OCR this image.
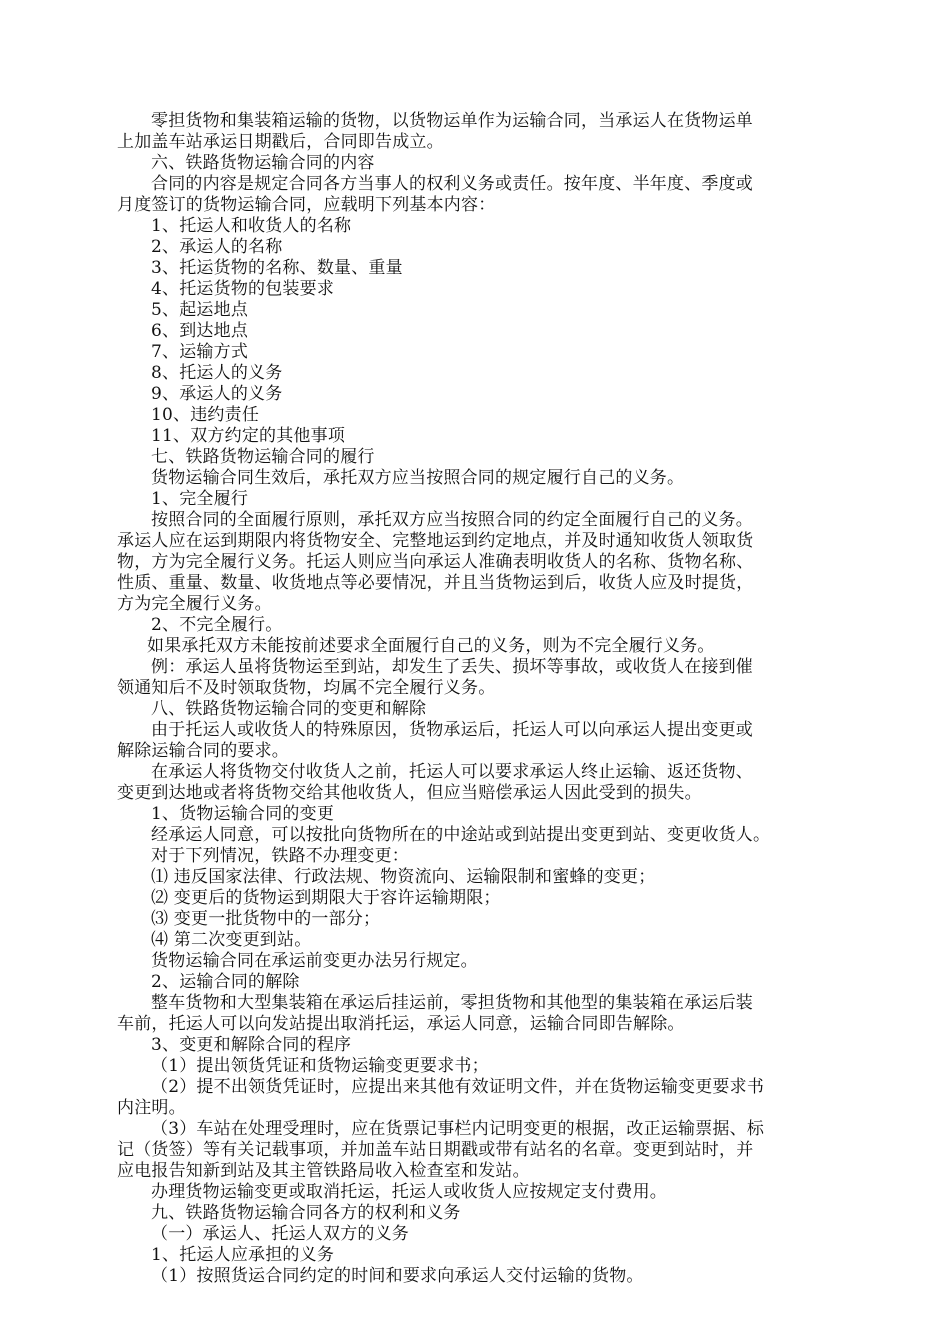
零担货物和集装箱运输的货物，以货物运单作为运输合同，当承运人在货物运单
上加盖车站承运日期戳后，合同即告成立。
六、铁路货物运输合同的内容
合同的内容是规定合同各方当事人的权利义务或责任。按年度、半年度、季度或
月度签订的货物运输合同，应载明下列基本内容：
1、托运人和收货人的名称
2、承运人的名称
3、托运货物的名称、数量、重量
4、托运货物的包装要求
5、起运地点
6、到达地点
7、运输方式
8、托运人的义务
9、承运人的义务
10、违约责任
11、双方约定的其他事项
七、铁路货物运输合同的履行
货物运输合同生效后，承托双方应当按照合同的规定履行自己的义务。
1、完全履行
按照合同的全面履行原则，承托双方应当按照合同的约定全面履行自己的义务。
承运人应在运到期限内将货物安全、完整地运到约定地点，并及时通知收货人领取货
物，方为完全履行义务。托运人则应当向承运人准确表明收货人的名称、货物名称、
性质、重量、数量、收货地点等必要情况，并且当货物运到后，收货人应及时提货，
方为完全履行义务。
2、不完全履行。
如果承托双方未能按前述要求全面履行自己的义务，则为不完全履行义务。
例：承运人虽将货物运至到站，却发生了丢失、损坏等事故，或收货人在接到催
领通知后不及时领取货物，均属不完全履行义务。
八、铁路货物运输合同的变更和解除
由于托运人或收货人的特殊原因，货物承运后，托运人可以向承运人提出变更或
解除运输合同的要求。
在承运人将货物交付收货人之前，托运人可以要求承运人终止运输、返还货物、
变更到达地或者将货物交给其他收货人，但应当赔偿承运人因此受到的损失。
1、货物运输合同的变更
经承运人同意，可以按批向货物所在的中途站或到站提出变更到站、变更收货人。
对于下列情况，铁路不办理变更：
⑴ 违反国家法律、行政法规、物资流向、运输限制和蜜蜂的变更；
⑵ 变更后的货物运到期限大于容许运输期限；
⑶ 变更一批货物中的一部分；
⑷ 第二次变更到站。
货物运输合同在承运前变更办法另行规定。
2、运输合同的解除
整车货物和大型集装箱在承运后挂运前，零担货物和其他型的集装箱在承运后装
车前，托运人可以向发站提出取消托运，承运人同意，运输合同即告解除。
3、变更和解除合同的程序
（1）提出领货凭证和货物运输变更要求书；
（2）提不出领货凭证时，应提出来其他有效证明文件，并在货物运输变更要求书
内注明。
（3）车站在处理受理时，应在货票记事栏内记明变更的根据，改正运输票据、标
记（货签）等有关记载事项，并加盖车站日期戳或带有站名的名章。变更到站时，并
应电报告知新到站及其主管铁路局收入检查室和发站。
办理货物运输变更或取消托运，托运人或收货人应按规定支付费用。
九、铁路货物运输合同各方的权利和义务
（一）承运人、托运人双方的义务
1、托运人应承担的义务
（1）按照货运合同约定的时间和要求向承运人交付运输的货物。
